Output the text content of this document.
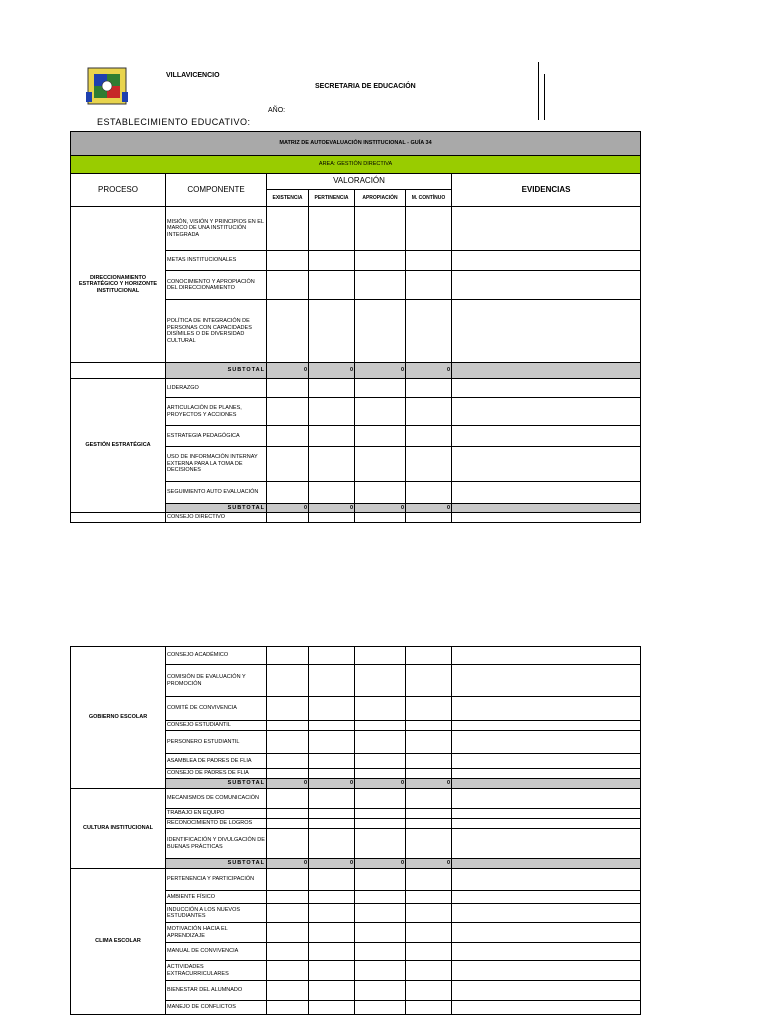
VILLAVICENCIO
SECRETARIA DE EDUCACIÓN
AÑO:
ESTABLECIMIENTO EDUCATIVO:
MATRIZ DE AUTOEVALUACIÓN INSTITUCIONAL - GUÍA 34						
AREA: GESTIÓN DIRECTIVA						
PROCESO	COMPONENTE	VALORACIÓN				EVIDENCIAS
		EXISTENCIA	PERTINENCIA	APROPIACIÓN	M. CONTÍNUO	
DIRECCIONAMIENTO ESTRATÉGICO Y HORIZONTE INSTITUCIONAL	MISIÓN, VISIÓN Y PRINCIPIOS EN EL MARCO DE UNA INSTITUCIÓN INTEGRADA					
	METAS INSTITUCIONALES					
	CONOCIMIENTO Y APROPIACIÓN DEL DIRECCIONAMIENTO					
	POLÍTICA DE INTEGRACIÓN DE PERSONAS CON CAPACIDADES DISÍMILES O DE DIVERSIDAD CULTURAL					
	SUBTOTAL	0	0	0	0	
GESTIÓN ESTRATÉGICA	LIDERAZGO					
	ARTICULACIÓN DE PLANES, PROYECTOS Y ACCIONES					
	ESTRATEGIA PEDAGÓGICA					
	USO DE INFORMACIÓN INTERNAY EXTERNA PARA LA TOMA DE DECISIONES					
	SEGUIMIENTO AUTO EVALUACIÓN					
	SUBTOTAL	0	0	0	0	
	CONSEJO DIRECTIVO					
GOBIERNO ESCOLAR	CONSEJO ACADÉMICO					
	COMISIÓN DE EVALUACIÓN Y PROMOCIÓN					
	COMITÉ DE CONVIVENCIA					
	CONSEJO ESTUDIANTIL					
	PERSONERO ESTUDIANTIL					
	ASAMBLEA DE PADRES DE FLIA					
	CONSEJO DE PADRES DE FLIA					
	SUBTOTAL	0	0	0	0	
CULTURA INSTITUCIONAL	MECANISMOS DE COMUNICACIÓN					
	TRABAJO EN EQUIPO					
	RECONOCIMIENTO DE LOGROS					
	IDENTIFICACIÓN Y DIVULGACIÓN DE BUENAS PRÁCTICAS					
	SUBTOTAL	0	0	0	0	
CLIMA ESCOLAR	PERTENENCIA Y PARTICIPACIÓN					
	AMBIENTE FÍSICO					
	INDUCCIÓN A LOS NUEVOS ESTUDIANTES					
	MOTIVACIÓN HACIA EL APRENDIZAJE					
	MANUAL DE CONVIVENCIA					
	ACTIVIDADES EXTRACURRICULARES					
	BIENESTAR DEL ALUMNADO					
	MANEJO DE CONFLICTOS					
